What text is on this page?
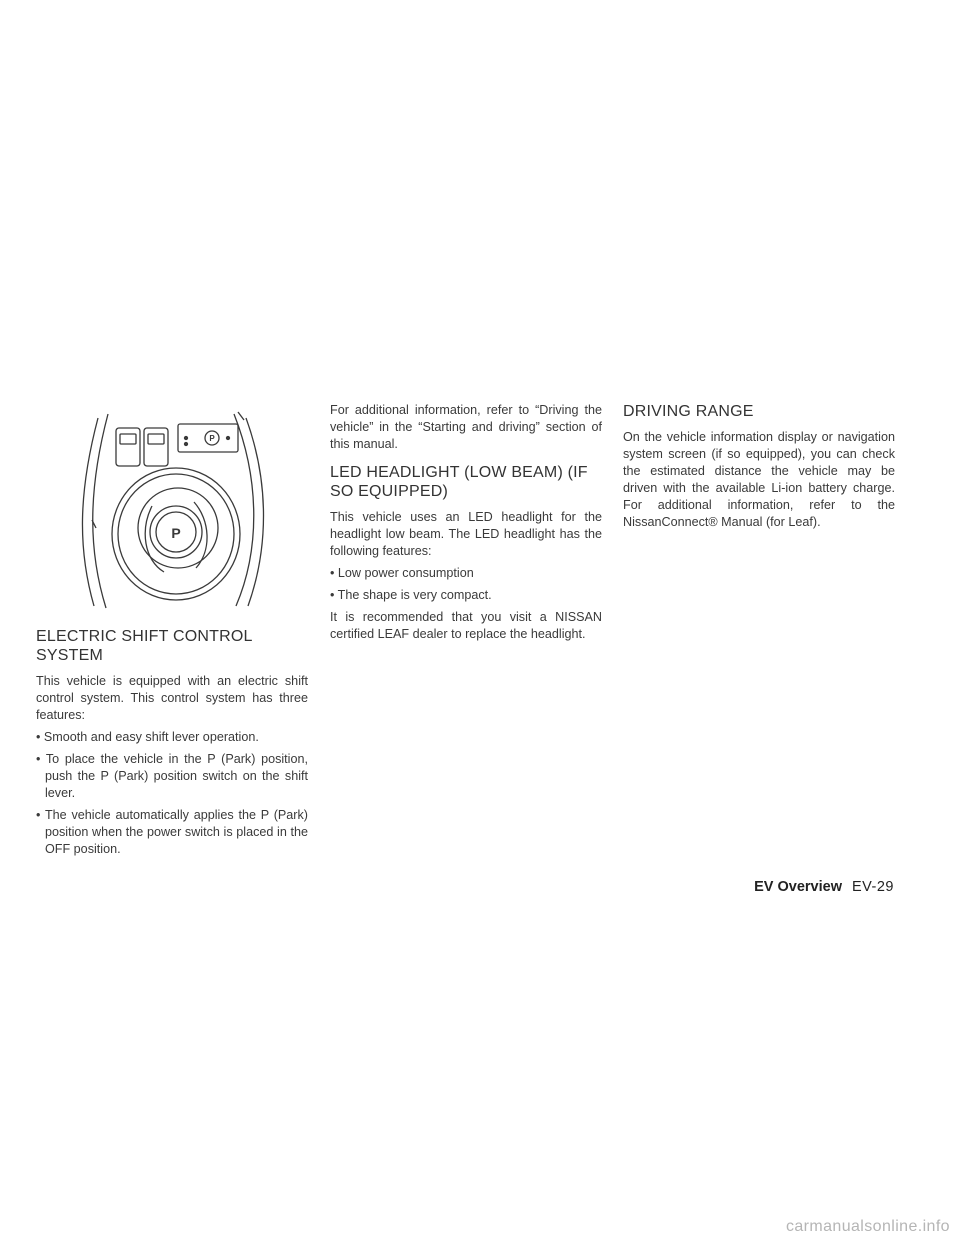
P
P
ELECTRIC SHIFT CONTROL SYSTEM

This vehicle is equipped with an electric shift control system. This control system has three features:

• Smooth and easy shift lever operation.

• To place the vehicle in the P (Park) position, push the P (Park) position switch on the shift lever.

• The vehicle automatically applies the P (Park) position when the power switch is placed in the OFF position.

For additional information, refer to “Driving the vehicle” in the “Starting and driving” section of this manual.

LED HEADLIGHT (LOW BEAM) (IF SO EQUIPPED)

This vehicle uses an LED headlight for the headlight low beam. The LED headlight has the following features:

• Low power consumption

• The shape is very compact.

It is recommended that you visit a NISSAN certified LEAF dealer to replace the headlight.

DRIVING RANGE

On the vehicle information display or navigation system screen (if so equipped), you can check the estimated distance the vehicle may be driven with the available Li-ion battery charge. For additional information, refer to the NissanConnect® Manual (for Leaf).

EV Overview EV-29
carmanualsonline.info
